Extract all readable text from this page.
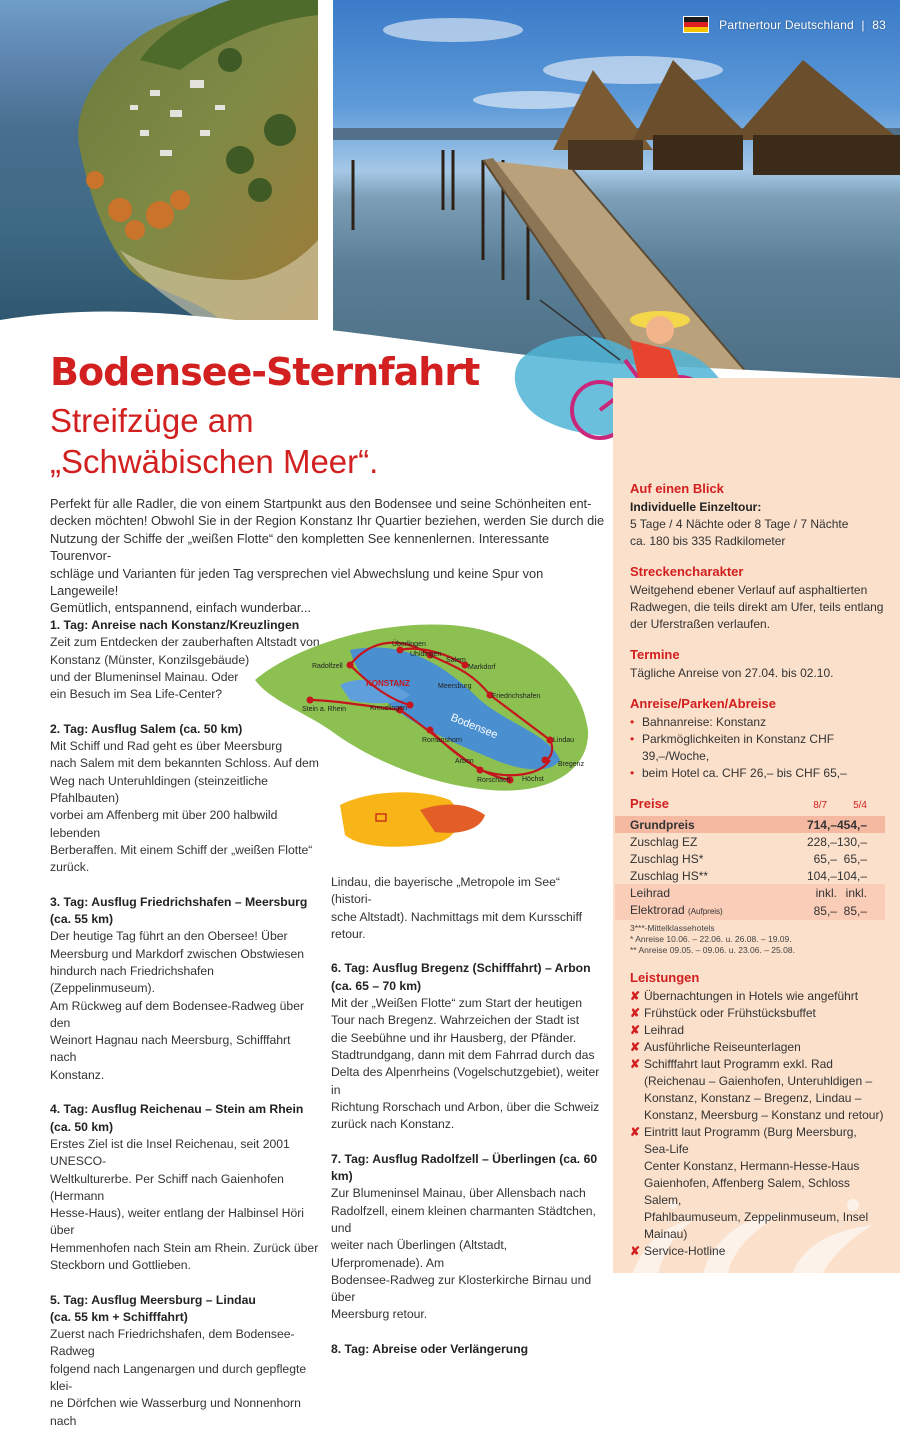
Partnertour Deutschland | 83
Bodensee-Sternfahrt
Streifzüge am
„Schwäbischen Meer“.
Perfekt für alle Radler, die von einem Startpunkt aus den Bodensee und seine Schönheiten ent-
decken möchten! Obwohl Sie in der Region Konstanz Ihr Quartier beziehen, werden Sie durch die
Nutzung der Schiffe der „weißen Flotte“ den kompletten See kennenlernen. Interessante Tourenvor-
schläge und Varianten für jeden Tag versprechen viel Abwechslung und keine Spur von Langeweile!
Gemütlich, entspannend, einfach wunderbar...
1. Tag: Anreise nach Konstanz/Kreuzlingen
Zeit zum Entdecken der zauberhaften Altstadt von
Konstanz (Münster, Konzilsgebäude)
und der Blumeninsel Mainau. Oder
ein Besuch im Sea Life-Center?
2. Tag: Ausflug Salem (ca. 50 km)
Mit Schiff und Rad geht es über Meersburg
nach Salem mit dem bekannten Schloss. Auf dem
Weg nach Unteruhldingen (steinzeitliche Pfahlbauten)
vorbei am Affenberg mit über 200 halbwild lebenden
Berberaffen. Mit einem Schiff der „weißen Flotte“
zurück.
3. Tag: Ausflug Friedrichshafen – Meersburg
(ca. 55 km)
Der heutige Tag führt an den Obersee! Über
Meersburg und Markdorf zwischen Obstwiesen
hindurch nach Friedrichshafen (Zeppelinmuseum).
Am Rückweg auf dem Bodensee-Radweg über den
Weinort Hagnau nach Meersburg, Schifffahrt nach
Konstanz.
4. Tag: Ausflug Reichenau – Stein am Rhein
(ca. 50 km)
Erstes Ziel ist die Insel Reichenau, seit 2001 UNESCO-
Weltkulturerbe. Per Schiff nach Gaienhofen (Hermann
Hesse-Haus), weiter entlang der Halbinsel Höri über
Hemmenhofen nach Stein am Rhein. Zurück über
Steckborn und Gottlieben.
5. Tag: Ausflug Meersburg – Lindau
(ca. 55 km + Schifffahrt)
Zuerst nach Friedrichshafen, dem Bodensee-Radweg
folgend nach Langenargen und durch gepflegte klei-
ne Dörfchen wie Wasserburg und Nonnenhorn nach
Überlingen
Uhldingen
Salem
Markdorf
Radolfzell
Meersburg
Friedrichshafen
Stein a. Rhein	Kreuzlingen
Romanshorn	Lindau
Arbon	Bregenz
Rorschach Höchst
KONSTANZ
Bodensee
Lindau, die bayerische „Metropole im See“ (histori-
sche Altstadt). Nachmittags mit dem Kursschiff retour.
6. Tag: Ausflug Bregenz (Schifffahrt) – Arbon
(ca. 65 – 70 km)
Mit der „Weißen Flotte“ zum Start der heutigen
Tour nach Bregenz. Wahrzeichen der Stadt ist
die Seebühne und ihr Hausberg, der Pfänder.
Stadtrundgang, dann mit dem Fahrrad durch das
Delta des Alpenrheins (Vogelschutzgebiet), weiter in
Richtung Rorschach und Arbon, über die Schweiz
zurück nach Konstanz.
7. Tag: Ausflug Radolfzell – Überlingen (ca. 60 km)
Zur Blumeninsel Mainau, über Allensbach nach
Radolfzell, einem kleinen charmanten Städtchen, und
weiter nach Überlingen (Altstadt, Uferpromenade). Am
Bodensee-Radweg zur Klosterkirche Birnau und über
Meersburg retour.
8. Tag: Abreise oder Verlängerung
Auf einen Blick
Individuelle Einzeltour:
5 Tage / 4 Nächte oder 8 Tage / 7 Nächte
ca. 180 bis 335 Radkilometer
Streckencharakter
Weitgehend ebener Verlauf auf asphaltierten
Radwegen, die teils direkt am Ufer, teils entlang
der Uferstraßen verlaufen.
Termine
Tägliche Anreise von 27.04. bis 02.10.
Anreise/Parken/Abreise
• Bahnanreise: Konstanz
• Parkmöglichkeiten in Konstanz CHF 39,–/Woche,
• beim Hotel ca. CHF 26,– bis CHF 65,–
Preise	8/7	5/4
Grundpreis	714,–	454,–
Zuschlag EZ	228,–	130,–
Zuschlag HS*	65,–	65,–
Zuschlag HS**	104,–	104,–
Leihrad	inkl.	inkl.
Elektrorad (Aufpreis)	85,–	85,–
3***-Mittelklassehotels
* Anreise 10.06. – 22.06. u. 26.08. – 19.09.
** Anreise 09.05. – 09.06. u. 23.06. – 25.08.
Leistungen
✘ Übernachtungen in Hotels wie angeführt
✘ Frühstück oder Frühstücksbuffet
✘ Leihrad
✘ Ausführliche Reiseunterlagen
✘ Schifffahrt laut Programm exkl. Rad
(Reichenau – Gaienhofen, Unteruhldigen –
Konstanz, Konstanz – Bregenz, Lindau –
Konstanz, Meersburg – Konstanz und retour)
✘ Eintritt laut Programm (Burg Meersburg, Sea-Life
Center Konstanz, Hermann-Hesse-Haus
Gaienhofen, Affenberg Salem, Schloss Salem,
Pfahlbaumuseum, Zeppelinmuseum, Insel
Mainau)
✘ Service-Hotline
